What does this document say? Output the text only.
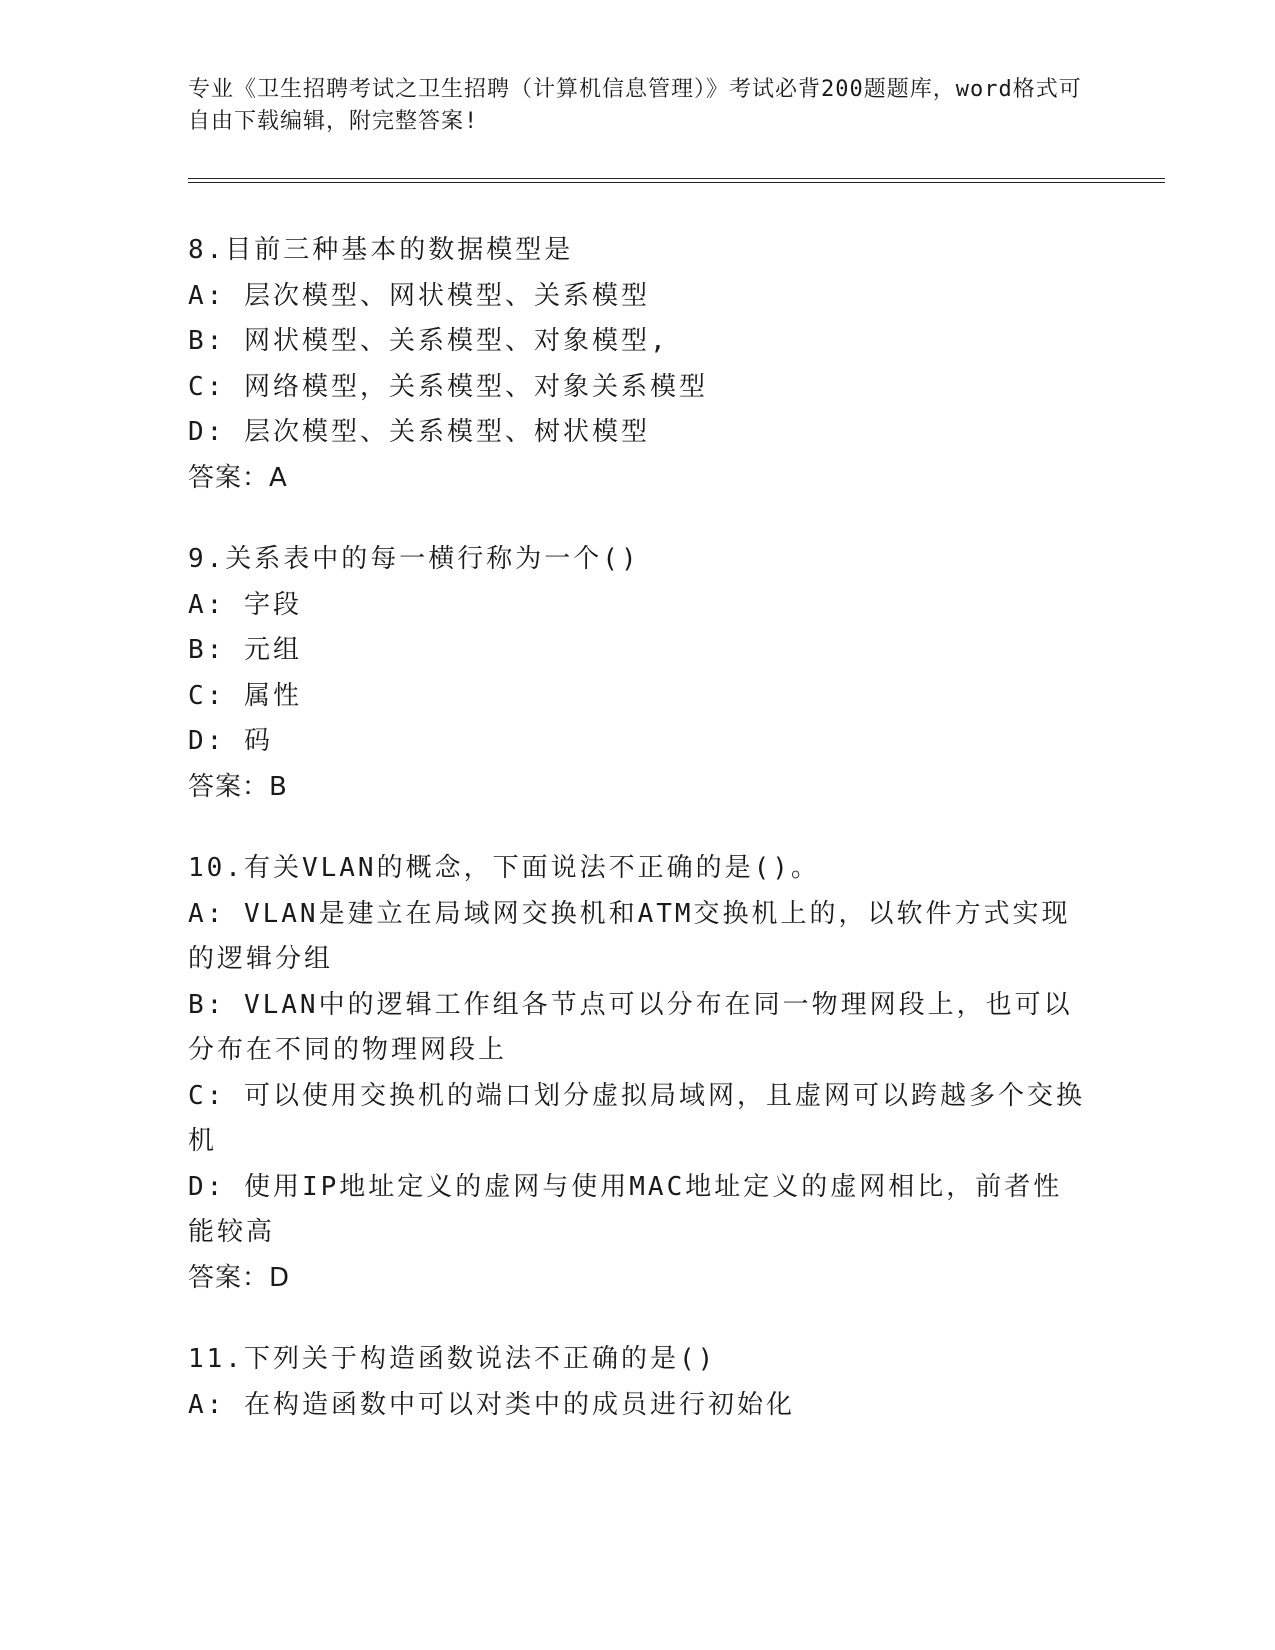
专业《卫生招聘考试之卫生招聘（计算机信息管理）》考试必背200题题库，word格式可自由下载编辑，附完整答案!
8.目前三种基本的数据模型是
A: 层次模型、网状模型、关系模型
B: 网状模型、关系模型、对象模型,
C: 网络模型，关系模型、对象关系模型
D: 层次模型、关系模型、树状模型
答案：A
9.关系表中的每一横行称为一个()
A: 字段
B: 元组
C: 属性
D: 码
答案：B
10.有关VLAN的概念，下面说法不正确的是()。
A: VLAN是建立在局域网交换机和ATM交换机上的，以软件方式实现的逻辑分组
B: VLAN中的逻辑工作组各节点可以分布在同一物理网段上，也可以分布在不同的物理网段上
C: 可以使用交换机的端口划分虚拟局域网，且虚网可以跨越多个交换机
D: 使用IP地址定义的虚网与使用MAC地址定义的虚网相比，前者性能较高
答案：D
11.下列关于构造函数说法不正确的是()
A: 在构造函数中可以对类中的成员进行初始化
